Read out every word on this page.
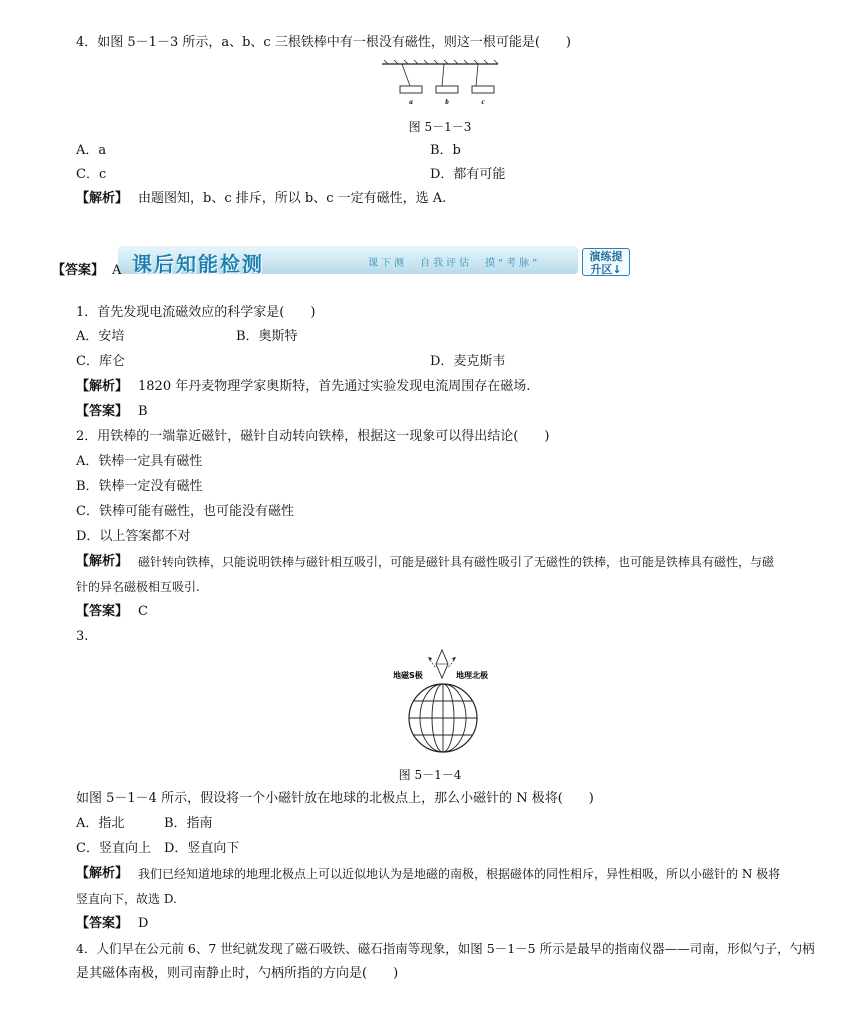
4．如图 5－1－3 所示，a、b、c 三根铁棒中有一根没有磁性，则这一根可能是(　　)
a	b	c
图 5－1－3
A．a	B．b
C．c	D．都有可能
【解析】 由题图知，b、c 排斥，所以 b、c 一定有磁性，选 A.
课后知能检测	课下测　自我评估　摸“考脉”
演练提
升区↓
【答案】 A
1．首先发现电流磁效应的科学家是(　　)
A．安培	B．奥斯特
C．库仑	D．麦克斯韦
【解析】 1820 年丹麦物理学家奥斯特，首先通过实验发现电流周围存在磁场.
【答案】 B
2．用铁棒的一端靠近磁针，磁针自动转向铁棒，根据这一现象可以得出结论(　　)
A．铁棒一定具有磁性
B．铁棒一定没有磁性
C．铁棒可能有磁性，也可能没有磁性
D．以上答案都不对
【解析】 磁针转向铁棒，只能说明铁棒与磁针相互吸引，可能是磁针具有磁性吸引了无磁性的铁棒，也可能是铁棒具有磁性，与磁
针的异名磁极相互吸引.
【答案】 C
3.
地磁S极	地理北极
图 5－1－4
如图 5－1－4 所示，假设将一个小磁针放在地球的北极点上，那么小磁针的 N 极将(　　)
A．指北	B．指南
C．竖直向上 D．竖直向下
【解析】 我们已经知道地球的地理北极点上可以近似地认为是地磁的南极，根据磁体的同性相斥，异性相吸，所以小磁针的 N 极将
竖直向下，故选 D.
【答案】 D
4．人们早在公元前 6、7 世纪就发现了磁石吸铁、磁石指南等现象，如图 5－1－5 所示是最早的指南仪器——司南，形似勺子，勺柄
是其磁体南极，则司南静止时，勺柄所指的方向是(　　)
